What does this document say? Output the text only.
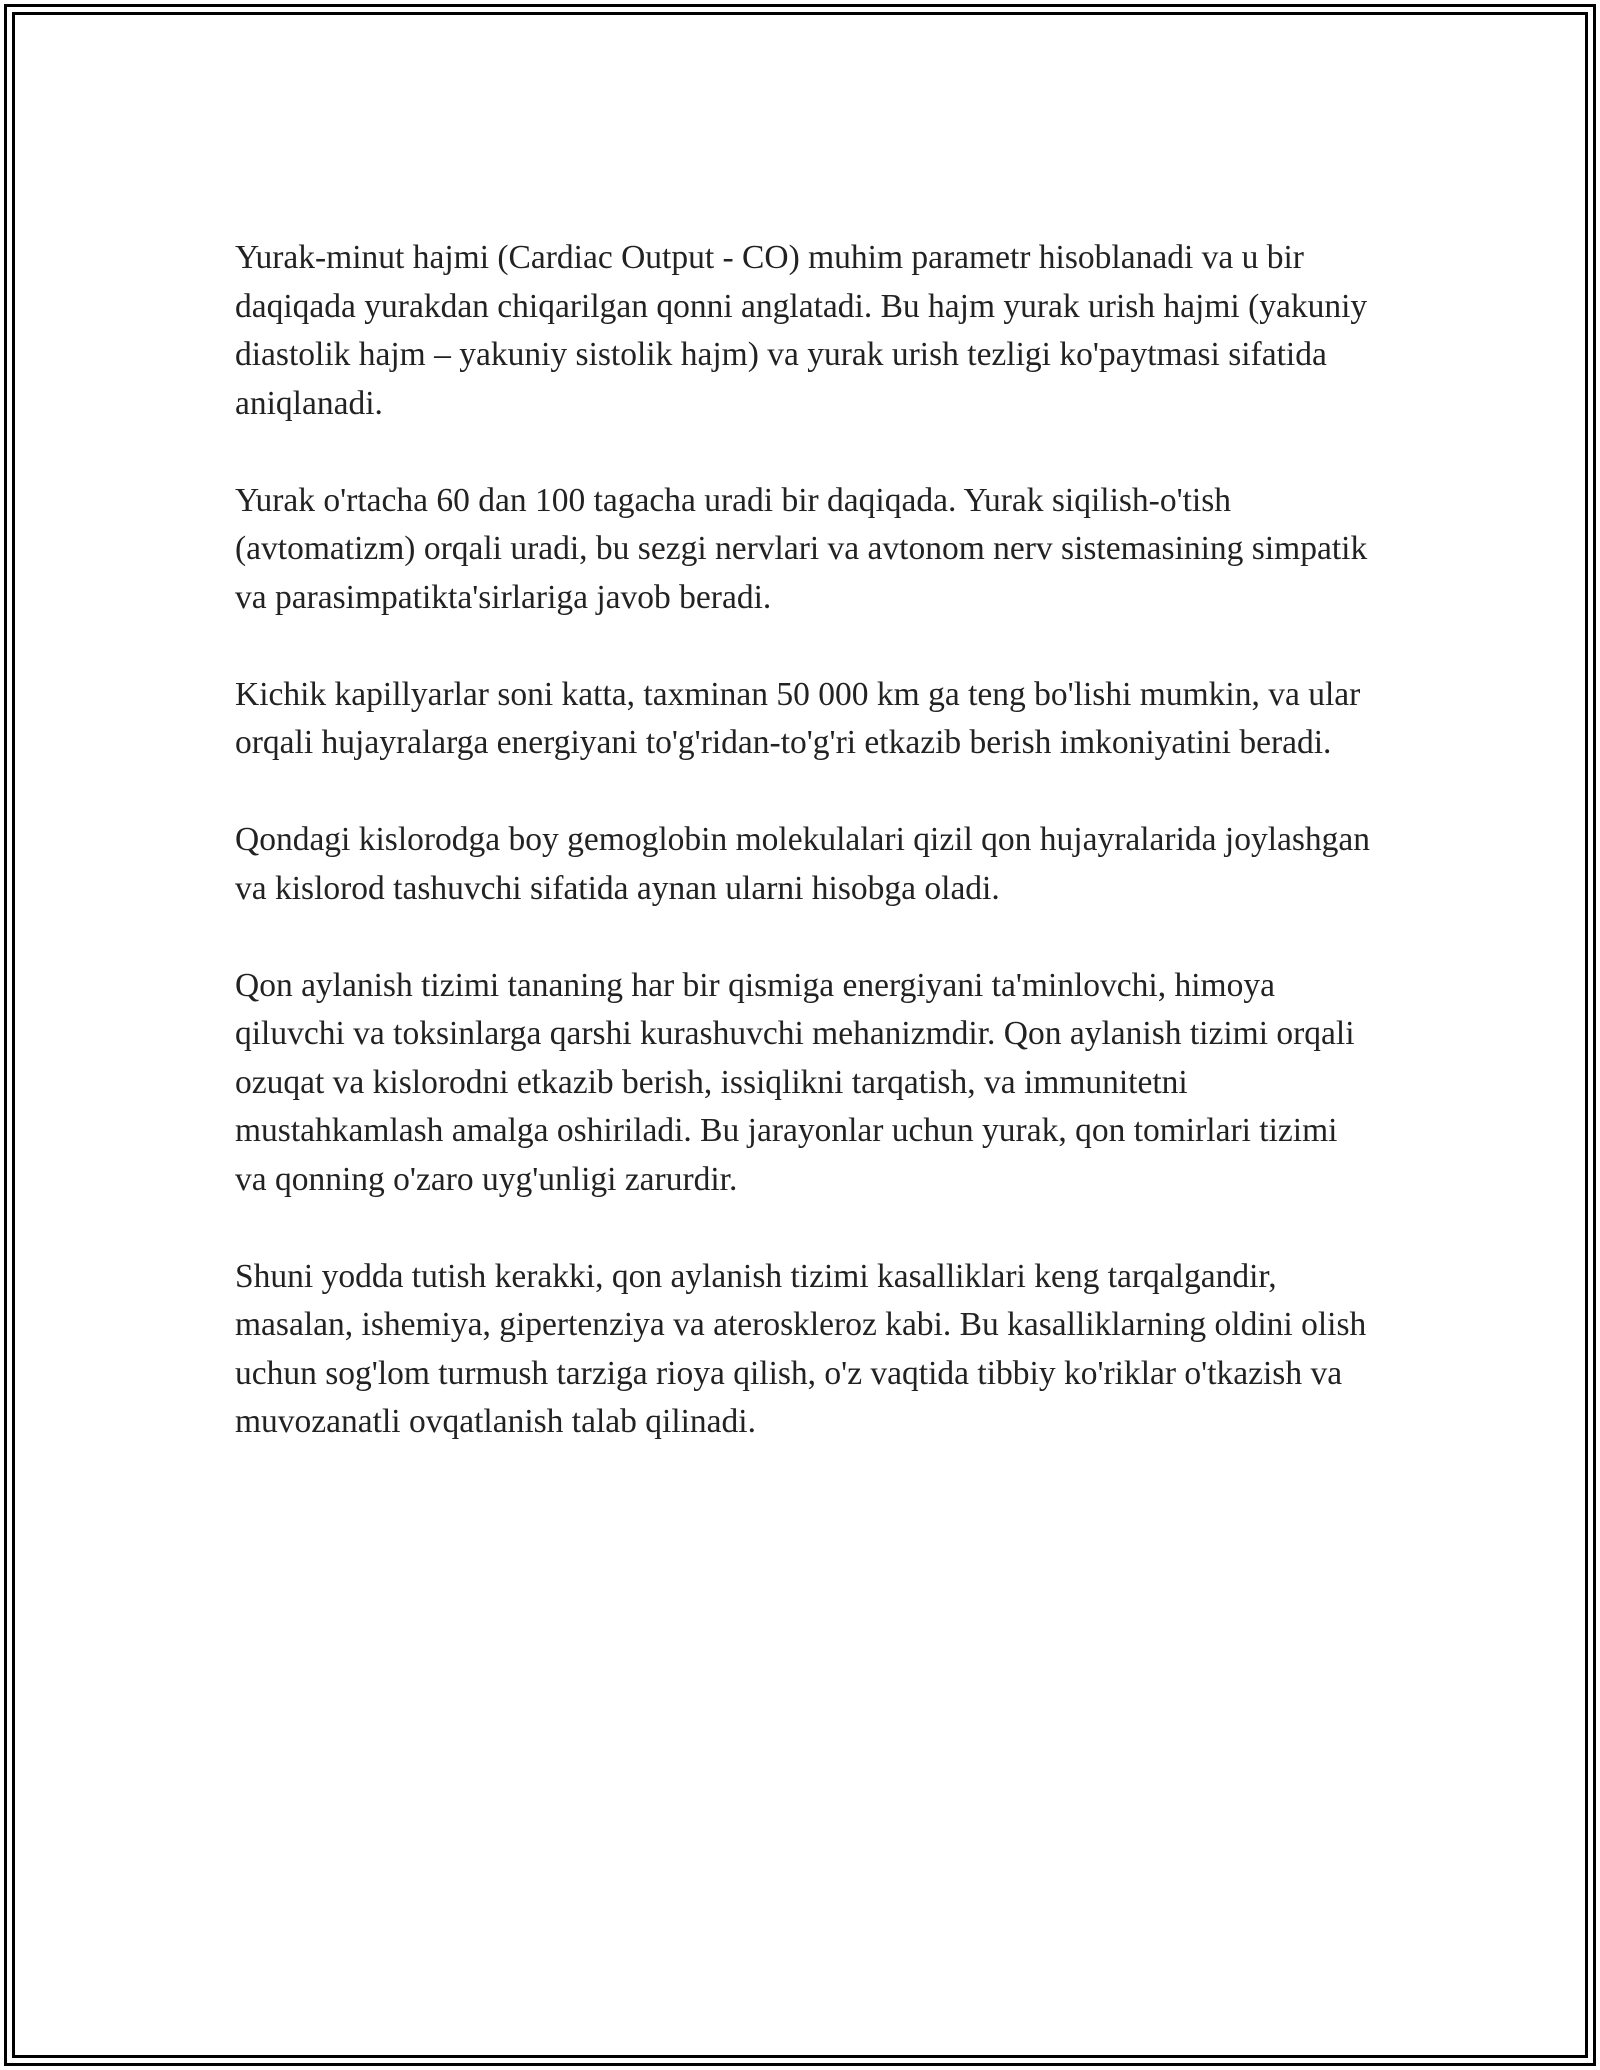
Yurak-minut hajmi (Cardiac Output - CO) muhim parametr hisoblanadi va u bir daqiqada yurakdan chiqarilgan qonni anglatadi. Bu hajm yurak urish hajmi (yakuniy diastolik hajm – yakuniy sistolik hajm) va yurak urish tezligi ko'paytmasi sifatida aniqlanadi.

Yurak o'rtacha 60 dan 100 tagacha uradi bir daqiqada. Yurak siqilish-o'tish (avtomatizm) orqali uradi, bu sezgi nervlari va avtonom nerv sistemasining simpatik va parasimpatikta'sirlariga javob beradi.

Kichik kapillyarlar soni katta, taxminan 50 000 km ga teng bo'lishi mumkin, va ular orqali hujayralarga energiyani to'g'ridan-to'g'ri etkazib berish imkoniyatini beradi.

Qondagi kislorodga boy gemoglobin molekulalari qizil qon hujayralarida joylashgan va kislorod tashuvchi sifatida aynan ularni hisobga oladi.

Qon aylanish tizimi tananing har bir qismiga energiyani ta'minlovchi, himoya qiluvchi va toksinlarga qarshi kurashuvchi mehanizmdir. Qon aylanish tizimi orqali ozuqat va kislorodni etkazib berish, issiqlikni tarqatish, va immunitetni mustahkamlash amalga oshiriladi. Bu jarayonlar uchun yurak, qon tomirlari tizimi va qonning o'zaro uyg'unligi zarurdir.

Shuni yodda tutish kerakki, qon aylanish tizimi kasalliklari keng tarqalgandir, masalan, ishemiya, gipertenziya va ateroskleroz kabi. Bu kasalliklarning oldini olish uchun sog'lom turmush tarziga rioya qilish, o'z vaqtida tibbiy ko'riklar o'tkazish va muvozanatli ovqatlanish talab qilinadi.
